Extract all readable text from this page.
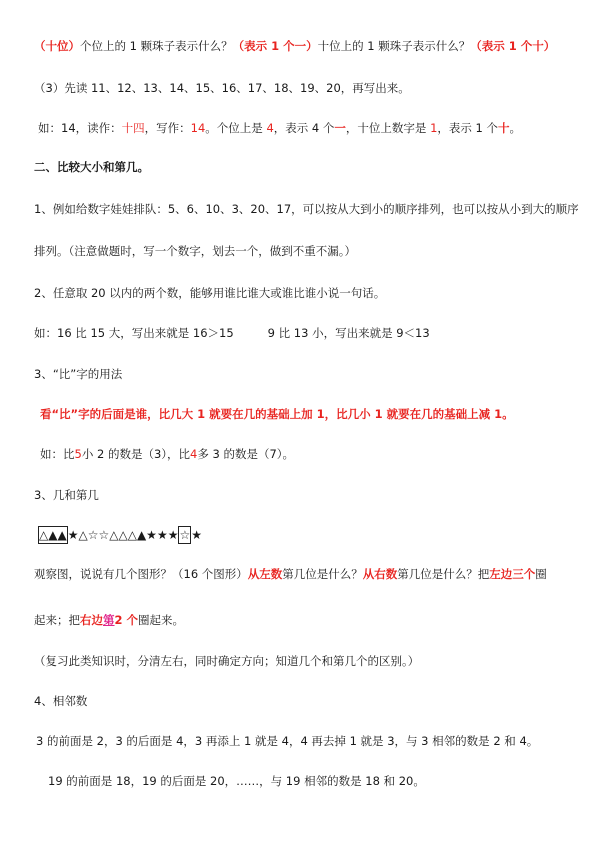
（十位）个位上的 1 颗珠子表示什么？（表示 1 个一）十位上的 1 颗珠子表示什么？（表示 1 个十）
（3）先读 11、12、13、14、15、16、17、18、19、20，再写出来。
如：14，读作：十四，写作：14。个位上是 4，表示 4 个一，十位上数字是 1，表示 1 个十。
二、比较大小和第几。
1、例如给数字娃娃排队：5、6、10、3、20、17，可以按从大到小的顺序排列，也可以按从小到大的顺序
排列。（注意做题时，写一个数字，划去一个，做到不重不漏。）
2、任意取 20 以内的两个数，能够用谁比谁大或谁比谁小说一句话。
如：16 比 15 大，写出来就是 16＞15	9 比 13 小，写出来就是 9＜13
3、“比”字的用法
看“比”字的后面是谁，比几大 1 就要在几的基础上加 1，比几小 1 就要在几的基础上减 1。
如：比5小 2 的数是（3），比4多 3 的数是（7）。
3、几和第几
△ ▲ ▲ ★ △ ☆ ☆ △ △ △ ▲ ★ ★ ★ ☆ ★
观察图，说说有几个图形？（16 个图形）从左数第几位是什么？从右数第几位是什么？把左边三个圈
起来；把右边第2 个圈起来。
（复习此类知识时，分清左右，同时确定方向；知道几个和第几个的区别。）
4、相邻数
3 的前面是 2，3 的后面是 4，3 再添上 1 就是 4，4 再去掉 1 就是 3，与 3 相邻的数是 2 和 4。
19 的前面是 18，19 的后面是 20，……，与 19 相邻的数是 18 和 20。
